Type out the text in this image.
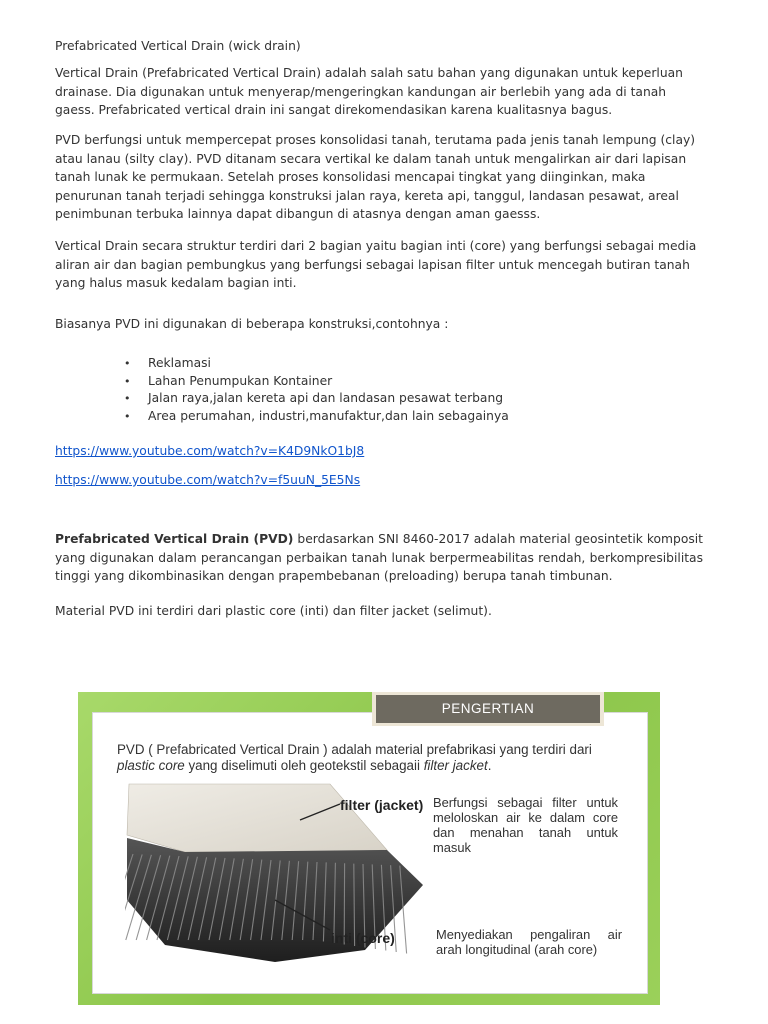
Prefabricated Vertical Drain (wick drain)

Vertical Drain (Prefabricated Vertical Drain) adalah salah satu bahan yang digunakan untuk keperluan drainase. Dia digunakan untuk menyerap/mengeringkan kandungan air berlebih yang ada di tanah gaess. Prefabricated vertical drain ini sangat direkomendasikan karena kualitasnya bagus.

PVD berfungsi untuk mempercepat proses konsolidasi tanah, terutama pada jenis tanah lempung (clay) atau lanau (silty clay). PVD ditanam secara vertikal ke dalam tanah untuk mengalirkan air dari lapisan tanah lunak ke permukaan. Setelah proses konsolidasi mencapai tingkat yang diinginkan, maka penurunan tanah terjadi sehingga konstruksi jalan raya, kereta api, tanggul, landasan pesawat, areal penimbunan terbuka lainnya dapat dibangun di atasnya dengan aman gaesss.

Vertical Drain secara struktur terdiri dari 2 bagian yaitu bagian inti (core) yang berfungsi sebagai media aliran air dan bagian pembungkus yang berfungsi sebagai lapisan filter untuk mencegah butiran tanah yang halus masuk kedalam bagian inti.

Biasanya PVD ini digunakan di beberapa konstruksi,contohnya :

• Reklamasi
• Lahan Penumpukan Kontainer
• Jalan raya,jalan kereta api dan landasan pesawat terbang
• Area perumahan, industri,manufaktur,dan lain sebagainya
https://www.youtube.com/watch?v=K4D9NkO1bJ8
https://www.youtube.com/watch?v=f5uuN_5E5Ns

Prefabricated Vertical Drain (PVD) berdasarkan SNI 8460-2017 adalah material geosintetik komposit yang digunakan dalam perancangan perbaikan tanah lunak berpermeabilitas rendah, berkompresibilitas tinggi yang dikombinasikan dengan prapembebanan (preloading) berupa tanah timbunan.

Material PVD ini terdiri dari plastic core (inti) dan filter jacket (selimut).

PENGERTIAN
PVD ( Prefabricated Vertical Drain ) adalah material prefabrikasi yang terdiri dari plastic core yang diselimuti oleh geotekstil sebagaii filter jacket.
filter (jacket)
inti (core)
Berfungsi sebagai filter untuk meloloskan air ke dalam core dan menahan tanah untuk masuk
Menyediakan pengaliran air arah longitudinal (arah core)
